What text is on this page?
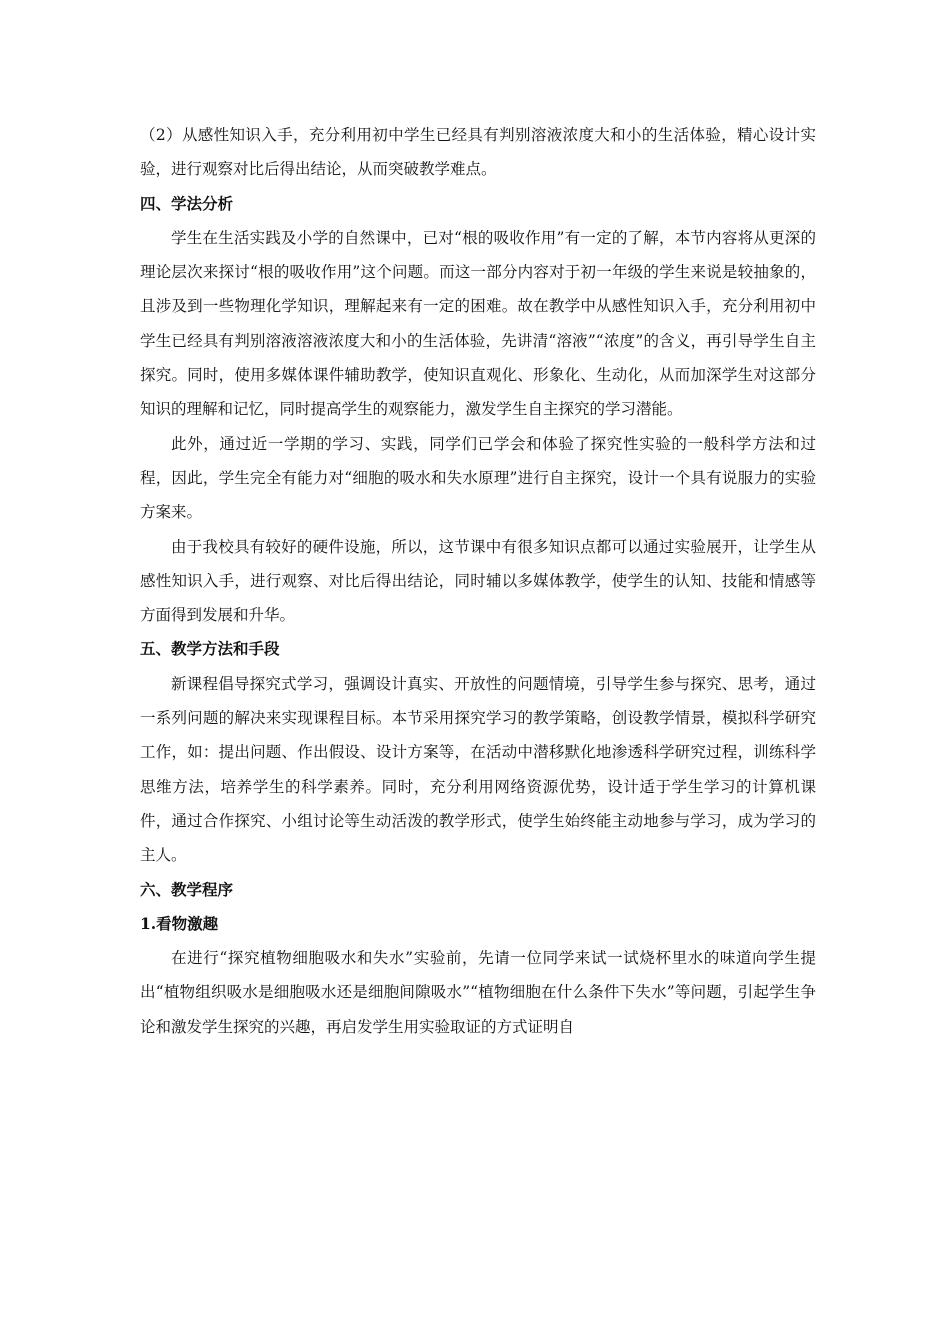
（2）从感性知识入手，充分利用初中学生已经具有判别溶液浓度大和小的生活体验，精心设计实验，进行观察对比后得出结论，从而突破教学难点。

四、学法分析

学生在生活实践及小学的自然课中，已对“根的吸收作用”有一定的了解，本节内容将从更深的理论层次来探讨“根的吸收作用”这个问题。而这一部分内容对于初一年级的学生来说是较抽象的，且涉及到一些物理化学知识，理解起来有一定的困难。故在教学中从感性知识入手，充分利用初中学生已经具有判别溶液溶液浓度大和小的生活体验，先讲清“溶液”“浓度”的含义，再引导学生自主探究。同时，使用多媒体课件辅助教学，使知识直观化、形象化、生动化，从而加深学生对这部分知识的理解和记忆，同时提高学生的观察能力，激发学生自主探究的学习潜能。

此外，通过近一学期的学习、实践，同学们已学会和体验了探究性实验的一般科学方法和过程，因此，学生完全有能力对“细胞的吸水和失水原理”进行自主探究，设计一个具有说服力的实验方案来。

由于我校具有较好的硬件设施，所以，这节课中有很多知识点都可以通过实验展开，让学生从感性知识入手，进行观察、对比后得出结论，同时辅以多媒体教学，使学生的认知、技能和情感等方面得到发展和升华。

五、教学方法和手段

新课程倡导探究式学习，强调设计真实、开放性的问题情境，引导学生参与探究、思考，通过一系列问题的解决来实现课程目标。本节采用探究学习的教学策略，创设教学情景，模拟科学研究工作，如：提出问题、作出假设、设计方案等，在活动中潜移默化地渗透科学研究过程，训练科学思维方法，培养学生的科学素养。同时，充分利用网络资源优势，设计适于学生学习的计算机课件，通过合作探究、小组讨论等生动活泼的教学形式，使学生始终能主动地参与学习，成为学习的主人。

六、教学程序

1.看物激趣

在进行“探究植物细胞吸水和失水”实验前，先请一位同学来试一试烧杯里水的味道向学生提出“植物组织吸水是细胞吸水还是细胞间隙吸水”“植物细胞在什么条件下失水”等问题，引起学生争论和激发学生探究的兴趣，再启发学生用实验取证的方式证明自
